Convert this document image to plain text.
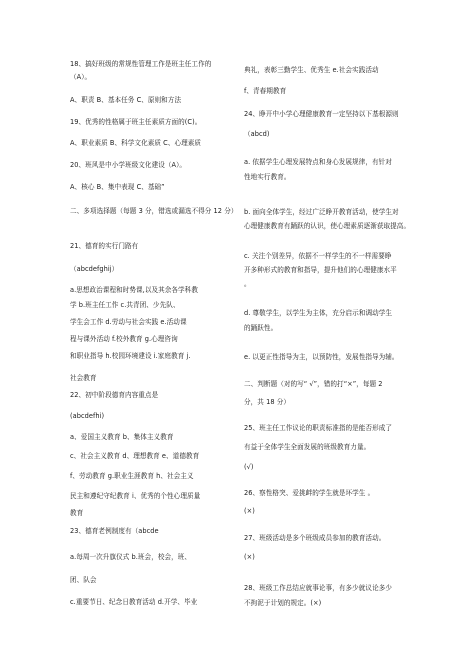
18、搞好班级的常规性管理工作是班主任工作的
（A）。
A、职责 B、基本任务 C、原则和方法
19、优秀的性格属于班主任素质方面的(C)。
A、职业素质 B、科学文化素质 C、心理素质
20、班风是中小学班级文化建设（A）。
A、核心 B、集中表现 C、基础”
二、多项选择题（每题 3 分，错选或漏选不得分 12 分）
21、德育的实行门路有
（abcdefghij）
a.思想政治课程和时势课,以及其余各学科教
学 b.班主任工作 c.共青团、少先队、
学生会工作 d.劳动与社会实践 e.活动课
程与课外活动 f.校外教育 g.心理咨询
和职业指导 h.校园环境建设 i.家庭教育 j.
社会教育
22、初中阶段德育内容重点是
(abcdefhi)
a、爱国主义教育 b、集体主义教育
c、社会主义教育 d、理想教育 e、道德教育
f、劳动教育 g.职业生涯教育 h、社会主义
民主和遵纪守纪教育 i、优秀的个性心理质量
教育
23、德育老例制度有（abcde
a.每周一次升旗仪式 b.班会，校会，班、
团、队会
c.重要节日、纪念日教育活动 d.开学、毕业
典礼，表彰三勤学生、优秀生 e.社会实践活动
f、青春期教育
24、睁开中小学心理健康教育一定坚持以下基根源则
（abcd)
a. 依据学生心理发展特点和身心发展规律，有针对
性地实行教育。
b. 面向全体学生，经过广泛睁开教育活动，使学生对
心理健康教育有踊跃的认识，使心理素质逐渐获取提高。
c. 关注个别差异，依据不一样学生的不一样需要睁
开多种形式的教育和指导，提升他们的心理健康水平
。
d. 尊敬学生，以学生为主体，充分启示和调动学生
的踊跃性。
e. 以更正性指导为主，以预防性，发展性指导为辅。
二、判断题（对的写“ √”，错的打“×”，每题 2
分，共 18 分）
25、班主任工作议论的职责标准指的是能否形成了
有益于全体学生全面发展的班级教育力量。
(√)
26、察性格突、爱挑衅的学生就是坏学生 。
(×)
27、班级活动是多个班级成员参加的教育活动。
(×)
28、班级工作总结应就事论事，有多少就议论多少
不拘泥于计划的规定。(×)
